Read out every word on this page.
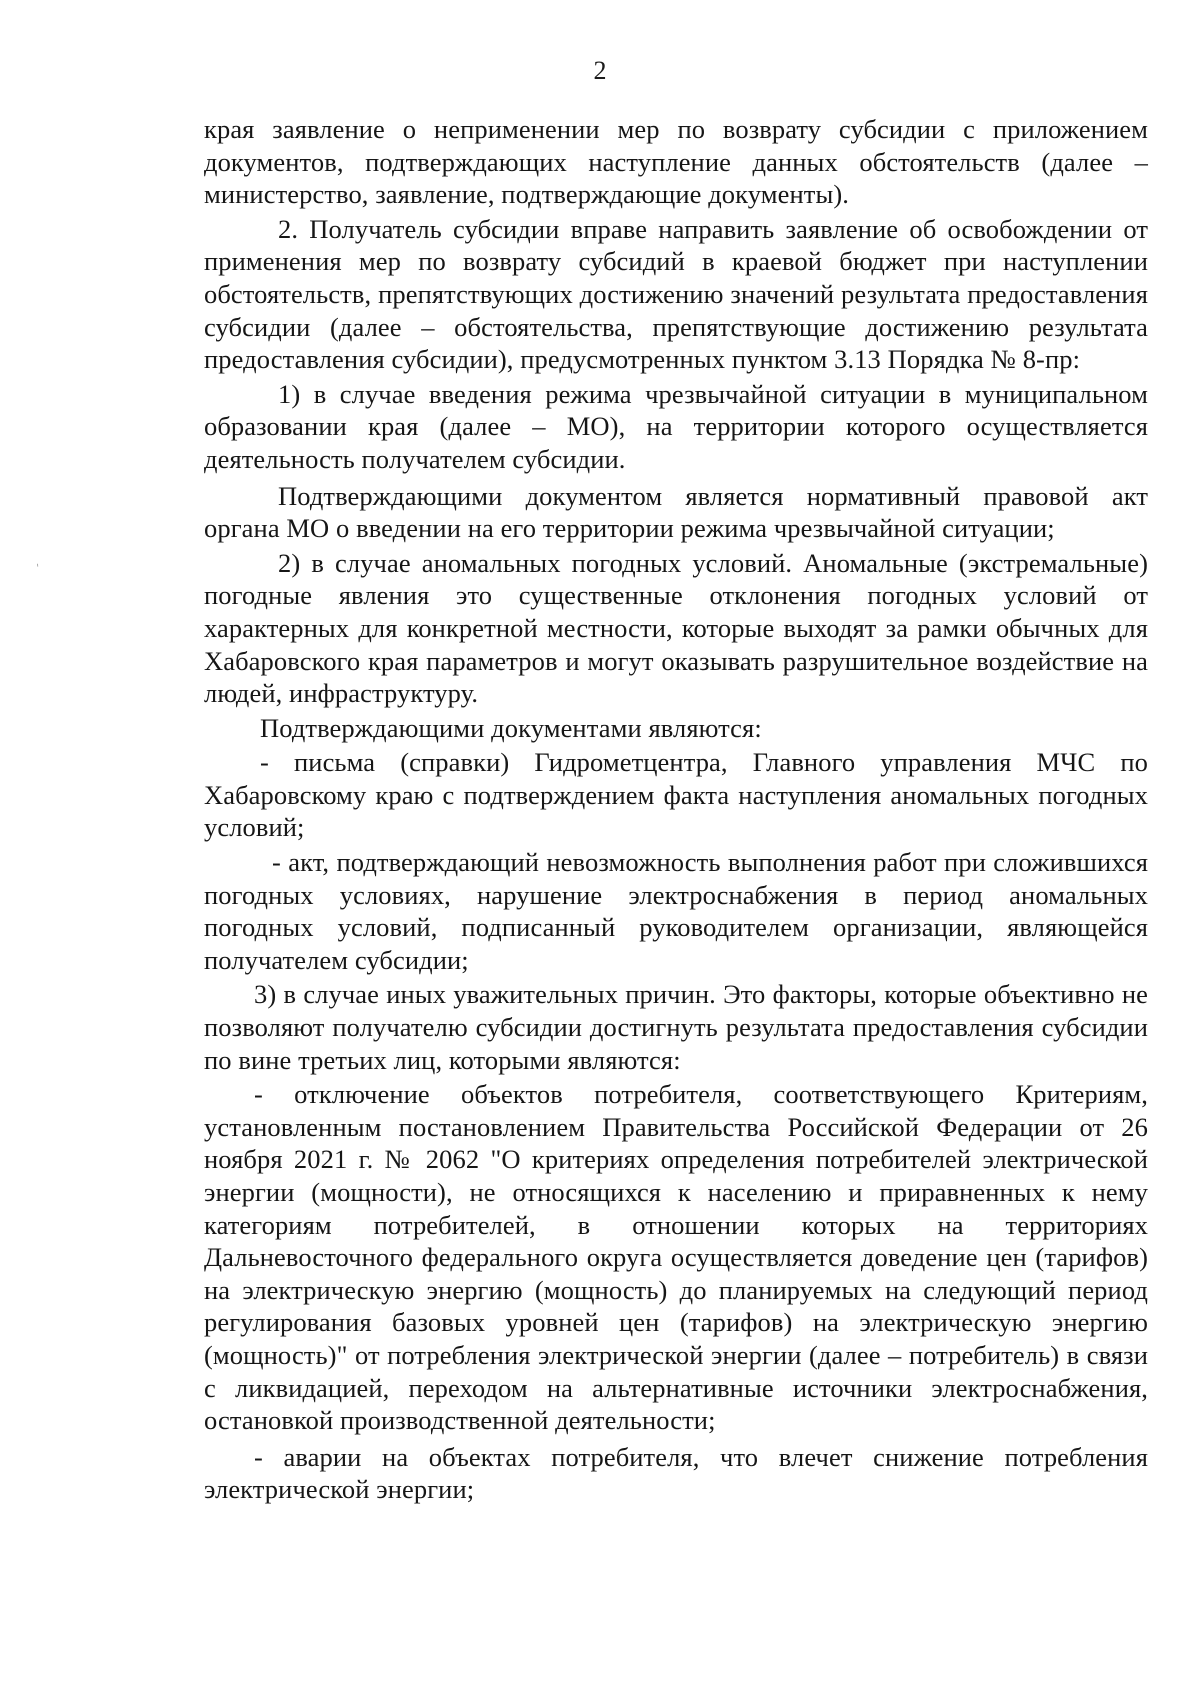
2
ˎ

края заявление о неприменении мер по возврату субсидии с приложением документов, подтверждающих наступление данных обстоятельств (далее – министерство, заявление, подтверждающие документы).

2. Получатель субсидии вправе направить заявление об освобождении от применения мер по возврату субсидий в краевой бюджет при наступлении обстоятельств, препятствующих достижению значений результата предоставления субсидии (далее – обстоятельства, препятствующие достижению результата предоставления субсидии), предусмотренных пунктом 3.13 Порядка № 8-пр:

1) в случае введения режима чрезвычайной ситуации в муниципальном образовании края (далее – МО), на территории которого осуществляется деятельность получателем субсидии.

Подтверждающими документом является нормативный правовой акт органа МО о введении на его территории режима чрезвычайной ситуации;

2) в случае аномальных погодных условий. Аномальные (экстремальные) погодные явления это существенные отклонения погодных условий от характерных для конкретной местности, которые выходят за рамки обычных для Хабаровского края параметров и могут оказывать разрушительное воздействие на людей, инфраструктуру.

Подтверждающими документами являются:

- письма (справки) Гидрометцентра, Главного управления МЧС по Хабаровскому краю с подтверждением факта наступления аномальных погодных условий;

- акт, подтверждающий невозможность выполнения работ при сложившихся погодных условиях, нарушение электроснабжения в период аномальных погодных условий, подписанный руководителем организации, являющейся получателем субсидии;

3) в случае иных уважительных причин. Это факторы, которые объективно не позволяют получателю субсидии достигнуть результата предоставления субсидии по вине третьих лиц, которыми являются:

- отключение объектов потребителя, соответствующего Критериям, установленным постановлением Правительства Российской Федерации от 26 ноября 2021 г. № 2062 "О критериях определения потребителей электрической энергии (мощности), не относящихся к населению и приравненных к нему категориям потребителей, в отношении которых на территориях Дальневосточного федерального округа осуществляется доведение цен (тарифов) на электрическую энергию (мощность) до планируемых на следующий период регулирования базовых уровней цен (тарифов) на электрическую энергию (мощность)" от потребления электрической энергии (далее – потребитель) в связи с ликвидацией, переходом на альтернативные источники электроснабжения, остановкой производственной деятельности;

- аварии на объектах потребителя, что влечет снижение потребления электрической энергии;
